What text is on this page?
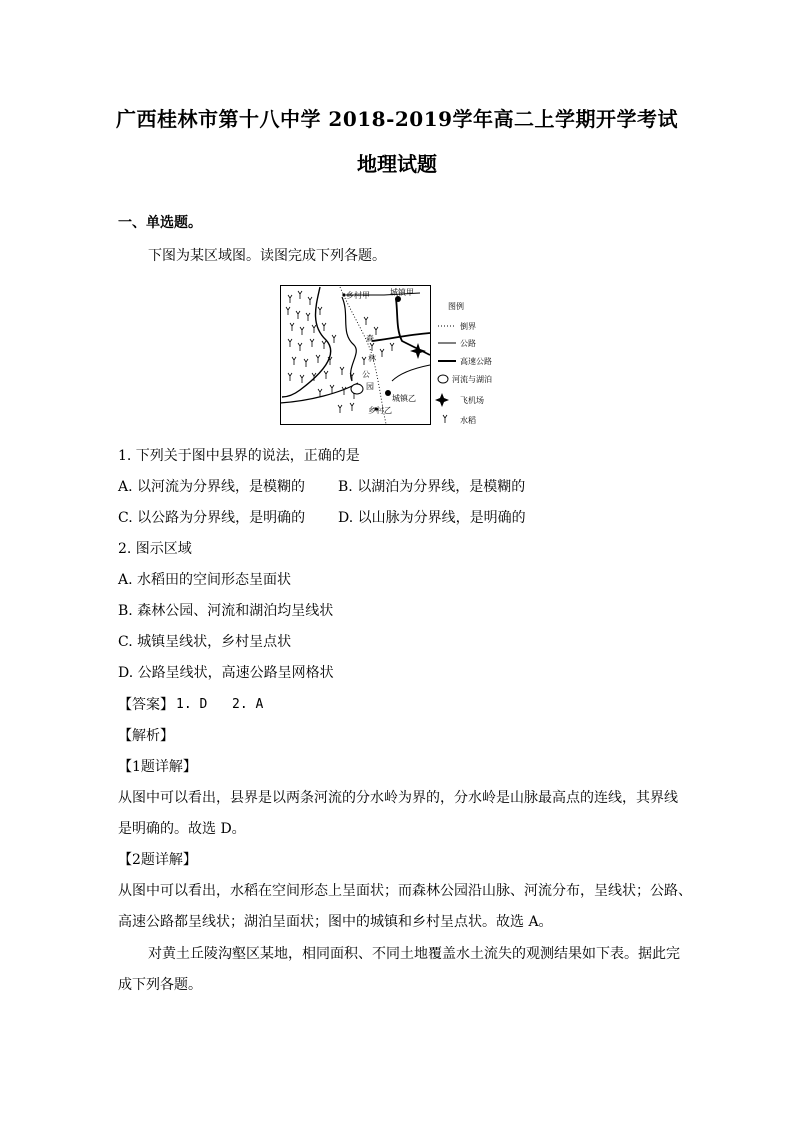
广西桂林市第十八中学 2018-2019学年高二上学期开学考试
地理试题
一、单选题。
下图为某区域图。读图完成下列各题。
乡村甲	城镇甲
森
林
公
园
城镇乙
乡村乙
图例
倒界
公路
高速公路
河流与湖泊
飞机场
水稻
1. 下列关于图中县界的说法，正确的是
A. 以河流为分界线，是模糊的 B. 以湖泊为分界线，是模糊的
C. 以公路为分界线，是明确的 D. 以山脉为分界线，是明确的
2. 图示区域
A. 水稻田的空间形态呈面状
B. 森林公园、河流和湖泊均呈线状
C. 城镇呈线状，乡村呈点状
D. 公路呈线状，高速公路呈网格状
【答案】 1. D 2. A
【解析】
【1题详解】
从图中可以看出，县界是以两条河流的分水岭为界的，分水岭是山脉最高点的连线，其界线
是明确的。故选 D。
【2题详解】
从图中可以看出，水稻在空间形态上呈面状；而森林公园沿山脉、河流分布，呈线状；公路、
高速公路都呈线状；湖泊呈面状；图中的城镇和乡村呈点状。故选 A。
对黄土丘陵沟壑区某地，相同面积、不同土地覆盖水土流失的观测结果如下表。据此完
成下列各题。
